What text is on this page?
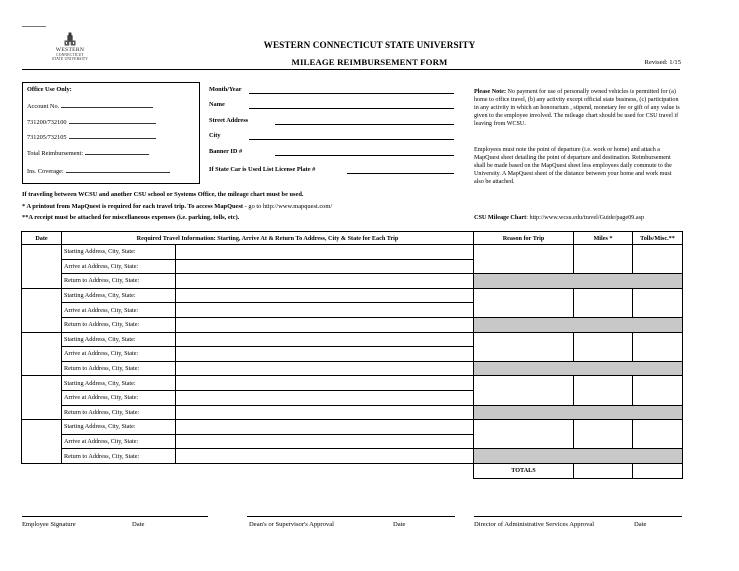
WESTERN
CONNECTICUT
STATE UNIVERSITY
WESTERN CONNECTICUT STATE UNIVERSITY
MILEAGE REIMBURSEMENT FORM	Revised: 1/15
Office Use Only:
Account No.
731200/732100
731205/732105
Total Reimbursement:
Ins. Coverage:
Month/Year
Name
Street Address
City
Banner ID #
If State Car is Used List License Plate #
Please Note: No payment for use of personally owned vehicles is permitted for (a) home to office travel, (b) any activity except official state business, (c) participation in any activity in which an honorarium , stipend, monetary fee or gift of any value is given to the employee involved. The mileage chart should be used for CSU travel if leaving from WCSU.
Employees must note the point of departure (i.e. work or home) and attach a MapQuest sheet detailing the point of departure and destination. Reimbursement shall be made based on the MapQuest sheet less employees daily commute to the University. A MapQuest sheet of the distance between your home and work must also be attached.
CSU Mileage Chart: http://www.wcsu.edu/travel/Guide/page09.asp
If traveling between WCSU and another CSU school or Systems Office, the mileage chart must be used.
* A printout from MapQuest is required for each travel trip. To access MapQuest - go to http://www.mapquest.com/
**A receipt must be attached for miscellaneous expenses (i.e. parking, tolls, etc).
Date	Required Travel Information: Starting, Arrive At & Return To Address, City & State for Each Trip		Reason for Trip	Miles *	Tolls/Misc.**
	Starting Address, City, State:				
	Arrive at Address, City, State:				
	Return to Address, City, State:				
	Starting Address, City, State:				
	Arrive at Address, City, State:				
	Return to Address, City, State:				
	Starting Address, City, State:				
	Arrive at Address, City, State:				
	Return to Address, City, State:				
	Starting Address, City, State:				
	Arrive at Address, City, State:				
	Return to Address, City, State:				
	Starting Address, City, State:				
	Arrive at Address, City, State:				
	Return to Address, City, State:				
			TOTALS		
Employee Signature	Date	Dean's or Supervisor's Approval	Date	Director of Administrative Services Approval	Date
